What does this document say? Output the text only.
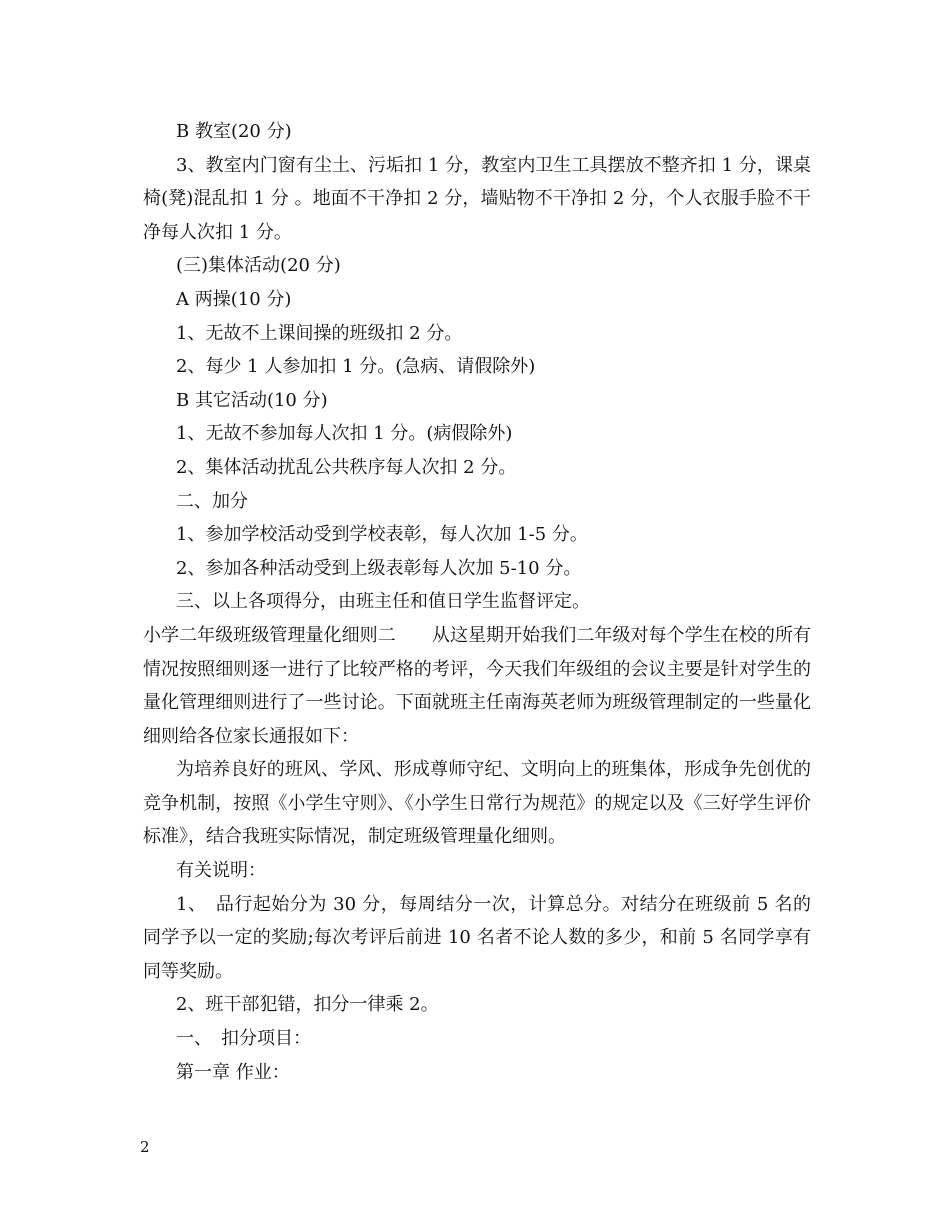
B 教室(20 分)

3、教室内门窗有尘土、污垢扣 1 分，教室内卫生工具摆放不整齐扣 1 分，课桌椅(凳)混乱扣 1 分 。地面不干净扣 2 分，墙贴物不干净扣 2 分，个人衣服手脸不干净每人次扣 1 分。

(三)集体活动(20 分)

A 两操(10 分)

1、无故不上课间操的班级扣 2 分。

2、每少 1 人参加扣 1 分。(急病、请假除外)

B 其它活动(10 分)

1、无故不参加每人次扣 1 分。(病假除外)

2、集体活动扰乱公共秩序每人次扣 2 分。

二、加分

1、参加学校活动受到学校表彰，每人次加 1-5 分。

2、参加各种活动受到上级表彰每人次加 5-10 分。

三、以上各项得分，由班主任和值日学生监督评定。

小学二年级班级管理量化细则二　　从这星期开始我们二年级对每个学生在校的所有情况按照细则逐一进行了比较严格的考评，今天我们年级组的会议主要是针对学生的量化管理细则进行了一些讨论。下面就班主任南海英老师为班级管理制定的一些量化细则给各位家长通报如下：

为培养良好的班风、学风、形成尊师守纪、文明向上的班集体，形成争先创优的竞争机制，按照《小学生守则》、《小学生日常行为规范》的规定以及《三好学生评价标准》，结合我班实际情况，制定班级管理量化细则。

有关说明：

1、　品行起始分为 30 分，每周结分一次，计算总分。对结分在班级前 5 名的同学予以一定的奖励;每次考评后前进 10 名者不论人数的多少，和前 5 名同学享有同等奖励。

2、班干部犯错，扣分一律乘 2。

一、　扣分项目：

第一章 作业：

2
